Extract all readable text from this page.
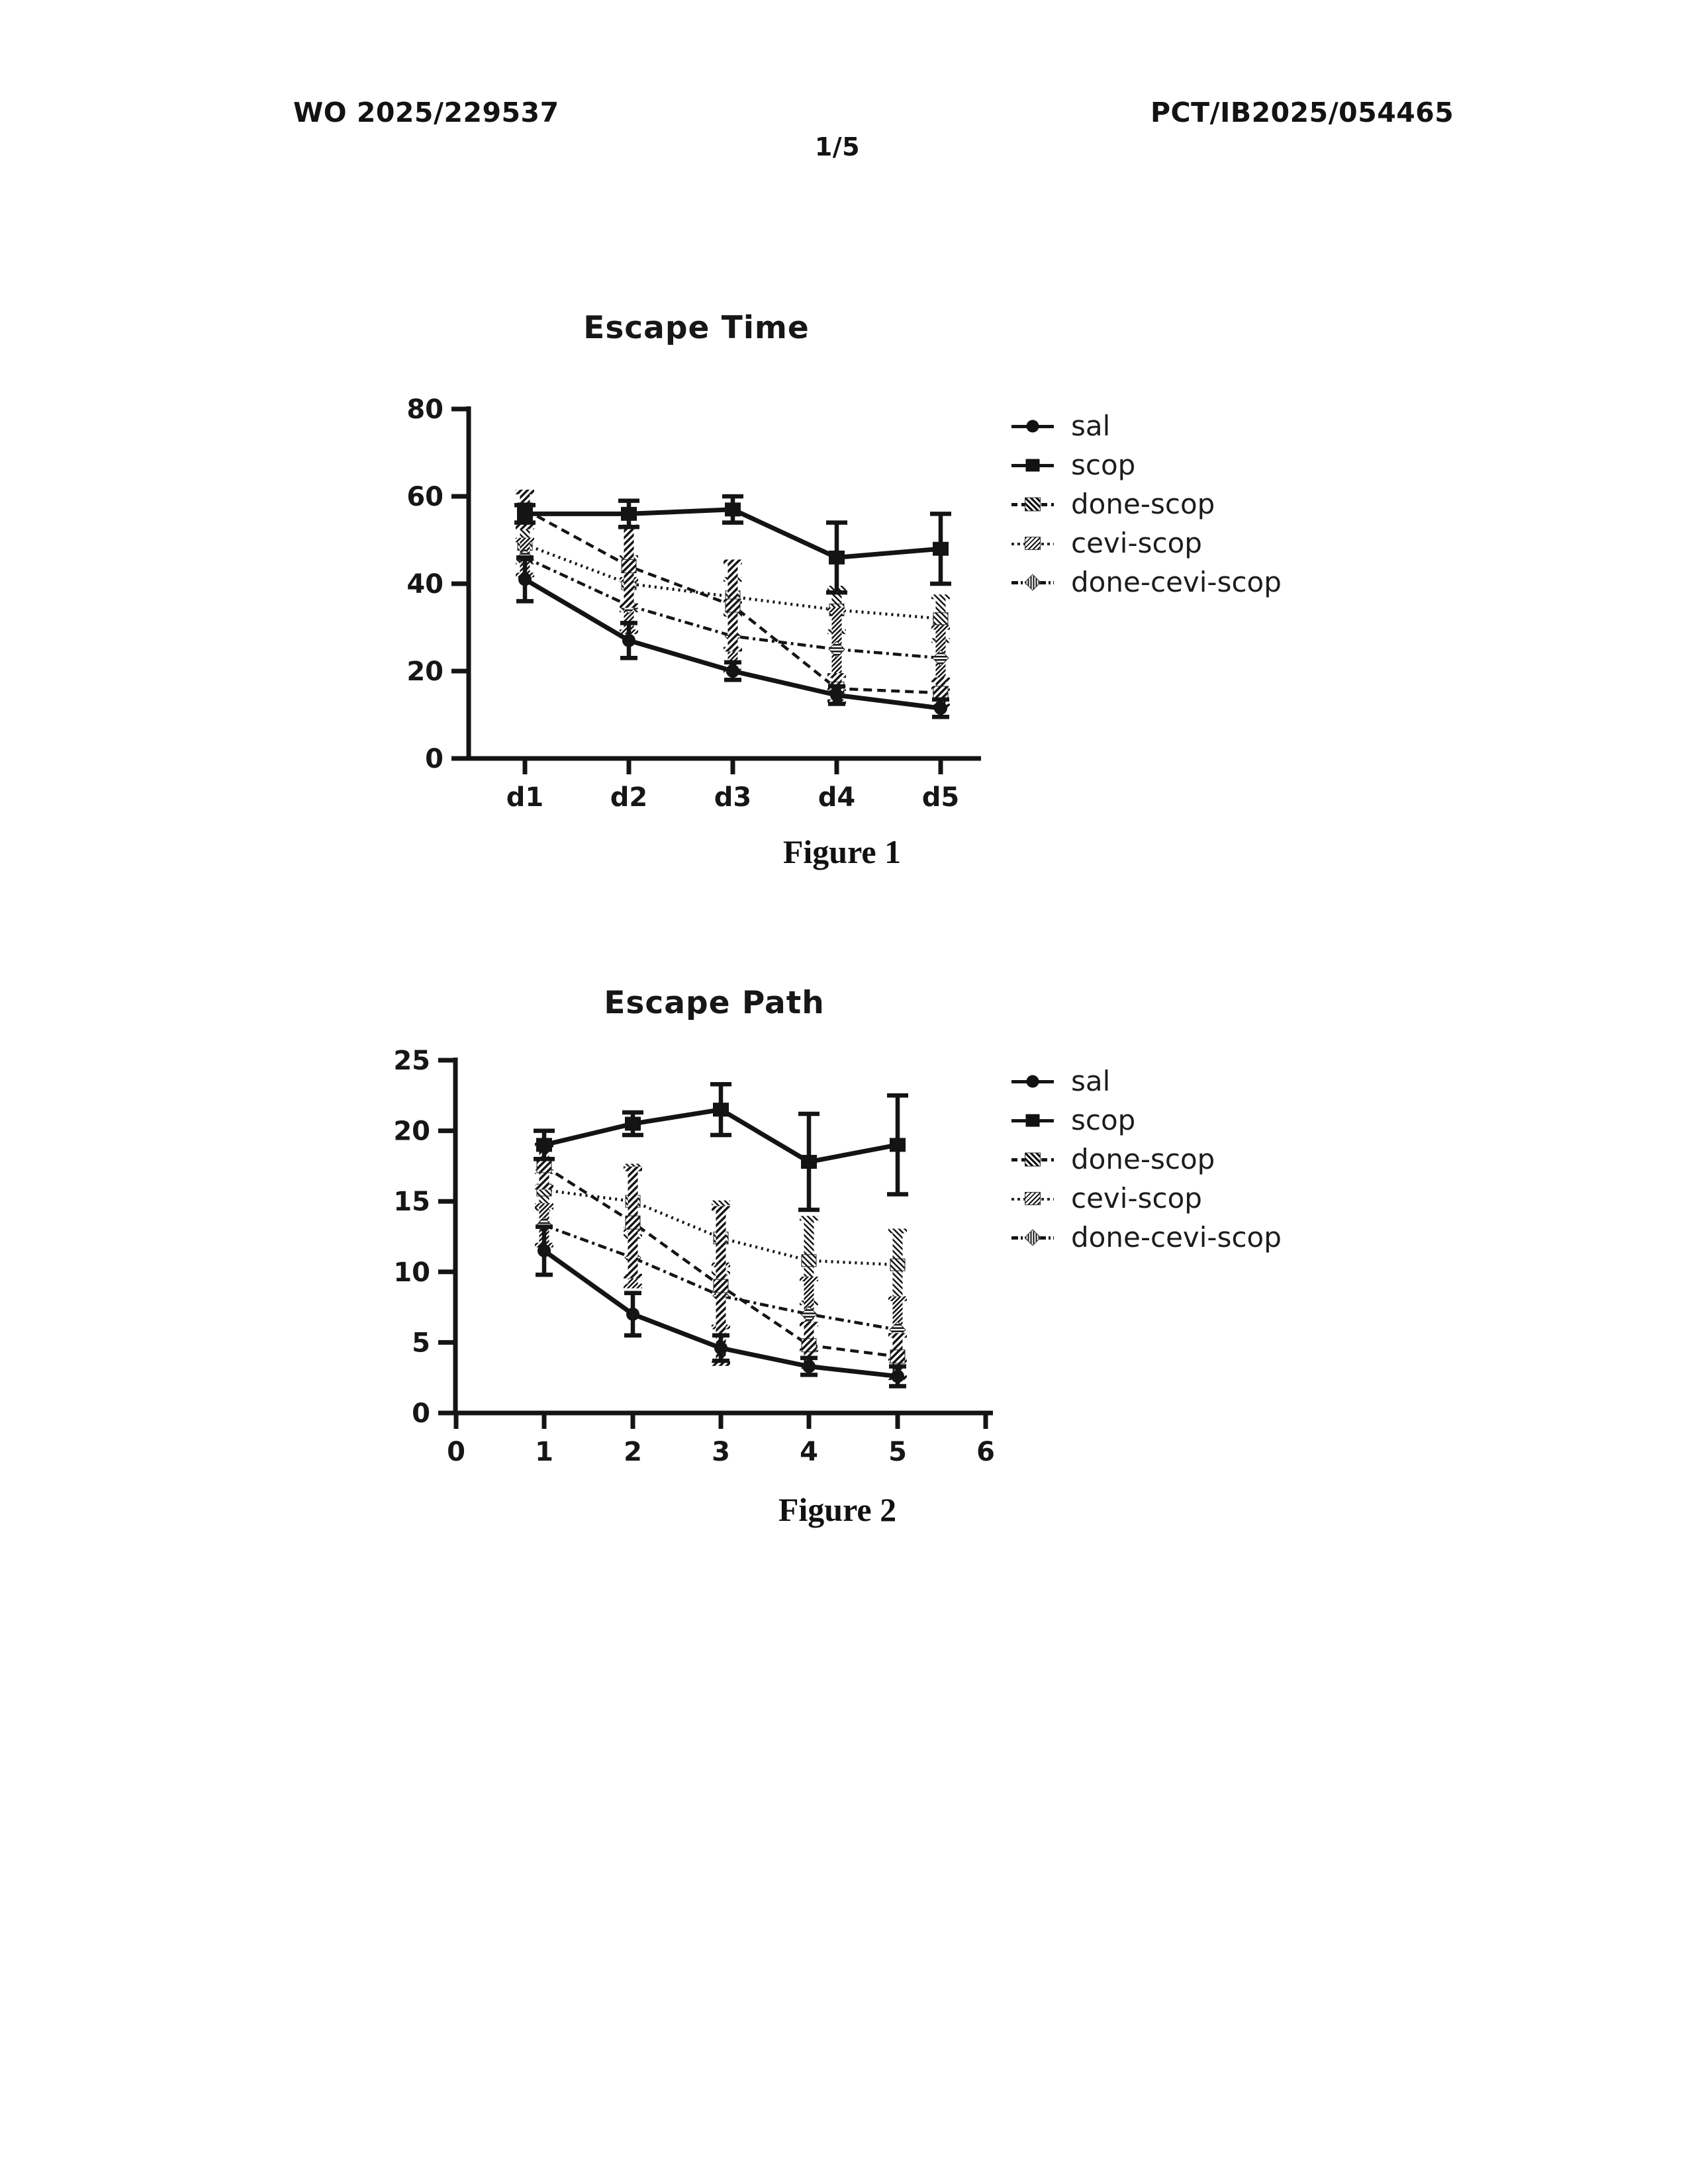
WO 2025/229537	PCT/IB2025/054465
1/5
Escape Time
0
20
40
60
80
d1	d2	d3	d4	d5
sal
scop
done-scop
cevi-scop
done-cevi-scop
Figure 1
Escape Path
0
5
10
15
20
25
0	1	2	3	4	5	6
sal
scop
done-scop
cevi-scop
done-cevi-scop
Figure 2
